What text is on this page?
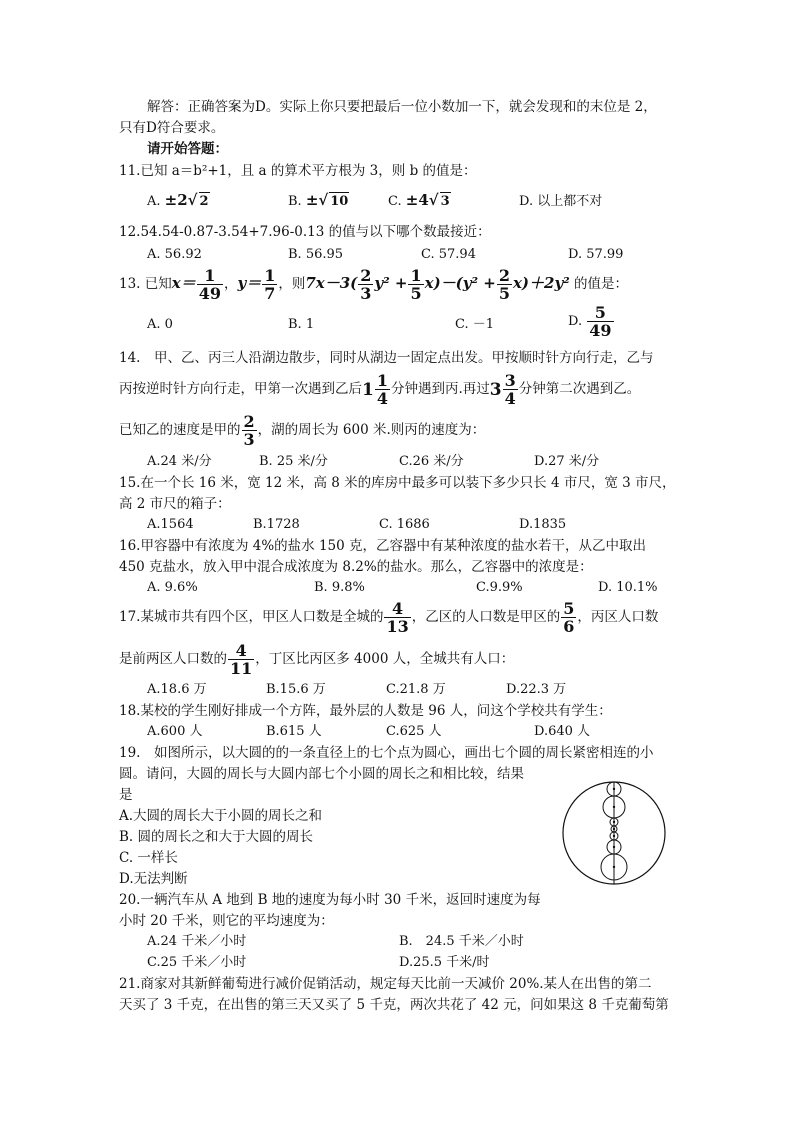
解答：正确答案为D。实际上你只要把最后一位小数加一下，就会发现和的末位是 2，
只有D符合要求。
请开始答题：
11.已知 a＝b²+1，且 a 的算术平方根为 3，则 b 的值是：
A. ±2√ 2	B. ±√ 10	C. ±4√ 3	D. 以上都不对
12.54.54-0.87-3.54+7.96-0.13 的值与以下哪个数最接近：
A. 56.92	B. 56.95	C. 57.94	D. 57.99
13. 已知$x= \frac{1}{49}$ ，$y= \frac{1}{7}$ ，则$7x-3( \frac{2}{3} y^2 + \frac{1}{5} x)-(y^2 + \frac{2}{5} x)+2y^2$ 的值是：
A. 0	B. 1	C. －1	D. $\frac{5}{49}$
14.　甲、乙、丙三人沿湖边散步，同时从湖边一固定点出发。甲按顺时针方向行走，乙与
丙按逆时针方向行走，甲第一次遇到乙后$1 \frac{1}{4}$ 分钟遇到丙.再过$3 \frac{3}{4}$ 分钟第二次遇到乙。
已知乙的速度是甲的 $\frac{2}{3}$ ，湖的周长为 600 米.则丙的速度为：
A.24 米/分	B. 25 米/分	C.26 米/分	D.27 米/分
15.在一个长 16 米，宽 12 米，高 8 米的库房中最多可以装下多少只长 4 市尺，宽 3 市尺，
高 2 市尺的箱子：
A.1564	B.1728	C. 1686	D.1835
16.甲容器中有浓度为 4%的盐水 150 克，乙容器中有某种浓度的盐水若干，从乙中取出
450 克盐水，放入甲中混合成浓度为 8.2%的盐水。那么，乙容器中的浓度是：
A. 9.6%	B. 9.8%	C.9.9%	D. 10.1%
17.某城市共有四个区，甲区人口数是全城的 $\frac{4}{13}$ ，乙区的人口数是甲区的 $\frac{5}{6}$ ，丙区人口数
是前两区人口数的 $\frac{4}{11}$ ，丁区比丙区多 4000 人，全城共有人口：
A.18.6 万	B.15.6 万	C.21.8 万	D.22.3 万
18.某校的学生刚好排成一个方阵，最外层的人数是 96 人，问这个学校共有学生：
A.600 人	B.615 人	C.625 人	D.640 人
19.　如图所示，以大圆的的一条直径上的七个点为圆心，画出七个圆的周长紧密相连的小
圆。请问，大圆的周长与大圆内部七个小圆的周长之和相比较，结果
是
A.大圆的周长大于小圆的周长之和
B. 圆的周长之和大于大圆的周长
C. 一样长
D.无法判断
20.一辆汽车从 A 地到 B 地的速度为每小时 30 千米，返回时速度为每
小时 20 千米，则它的平均速度为：
A.24 千米／小时	B.　24.5 千米／小时
C.25 千米／小时	D.25.5 千米/时
21.商家对其新鲜葡萄进行减价促销活动，规定每天比前一天减价 20%.某人在出售的第二
天买了 3 千克，在出售的第三天又买了 5 千克，两次共花了 42 元，问如果这 8 千克葡萄第
